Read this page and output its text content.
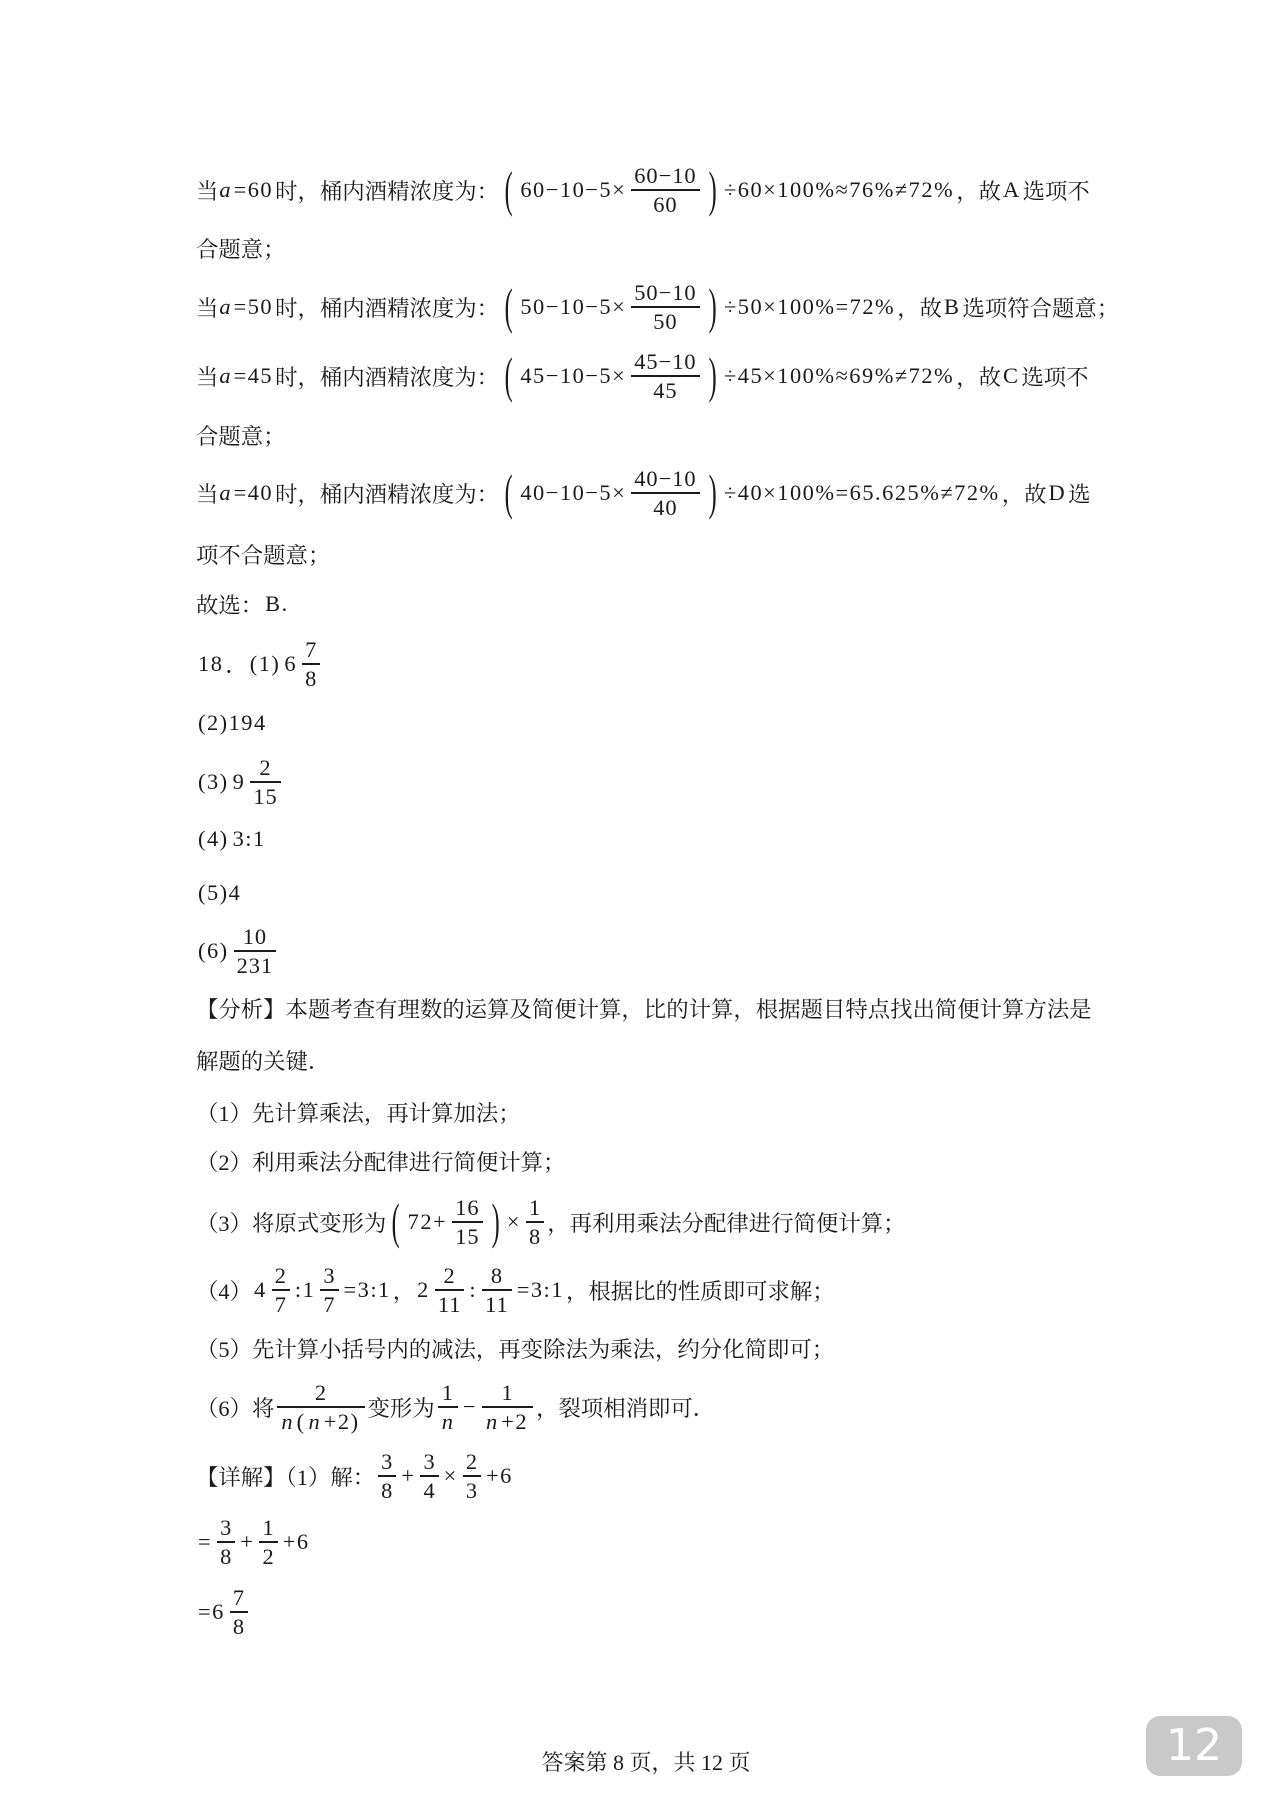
当 a =60 时，桶内酒精浓度为： ( $60-10-5\times \frac{60-10}{60}$ ) ÷60×100%≈76%≠72% ，故 A 选项不
合题意；
当 a =50 时，桶内酒精浓度为： ( $50-10-5\times \frac{50-10}{50}$ ) ÷50×100%=72% ，故 B 选项符合题意；
当 a =45 时，桶内酒精浓度为： ( $45-10-5\times \frac{45-10}{45}$ ) ÷45×100%≈69%≠72% ，故 C 选项不
合题意；
当 a =40 时，桶内酒精浓度为： ( $40-10-5\times \frac{40-10}{40}$ ) ÷40×100%=65.625%≠72% ，故 D 选
项不合题意；
故选： B.
18 ． (1) $6 \frac{7}{8}$
(2)194
(3) $9 \frac{2}{15}$
(4) 3:1
(5)4
$(6) \frac{10}{231}$
【分析】本题考查有理数的运算及简便计算，比的计算，根据题目特点找出简便计算方法是
解题的关键．
（1）先计算乘法，再计算加法；
（2）利用乘法分配律进行简便计算；
（3）将原式变形为 ( $72+ \frac{16}{15}$ ) × $\frac{1}{8}$ ，再利用乘法分配律进行简便计算；
（4） $4 \frac{2}{7}$ :1 $\frac{3}{7}$ =3:1 ， $2 \frac{2}{11}$ : $\frac{8}{11}$ =3:1 ，根据比的性质即可求解；
（5）先计算小括号内的减法，再变除法为乘法，约分化简即可；
（6）将 $\frac{2}{n ( n +2)}$ 变形为 $\frac{1}{n} - \frac{1}{n +2}$ ，裂项相消即可．
【详解】（1）解： $\frac{3}{8} + \frac{3}{4} \times \frac{2}{3} +6$
= $\frac{3}{8} + \frac{1}{2} +6$
$=6 \frac{7}{8}$
答案第 8 页，共 12 页	12
